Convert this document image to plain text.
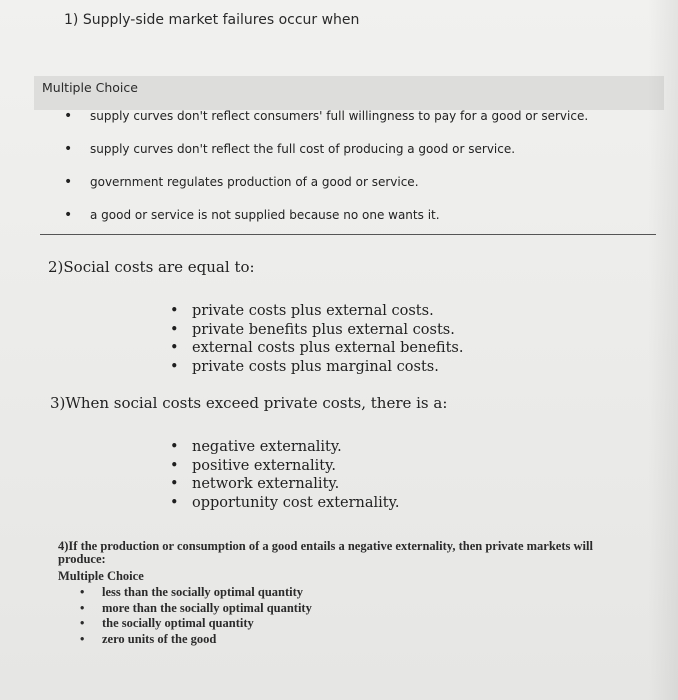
1) Supply-side market failures occur when
Multiple Choice
• supply curves don't reflect consumers' full willingness to pay for a good or service.
• supply curves don't reflect the full cost of producing a good or service.
• government regulates production of a good or service.
• a good or service is not supplied because no one wants it.
2)Social costs are equal to:
• private costs plus external costs.
• private benefits plus external costs.
• external costs plus external benefits.
• private costs plus marginal costs.
3)When social costs exceed private costs, there is a:
• negative externality.
• positive externality.
• network externality.
• opportunity cost externality.
4)If the production or consumption of a good entails a negative externality, then private markets will produce:
Multiple Choice
• less than the socially optimal quantity
• more than the socially optimal quantity
• the socially optimal quantity
• zero units of the good
